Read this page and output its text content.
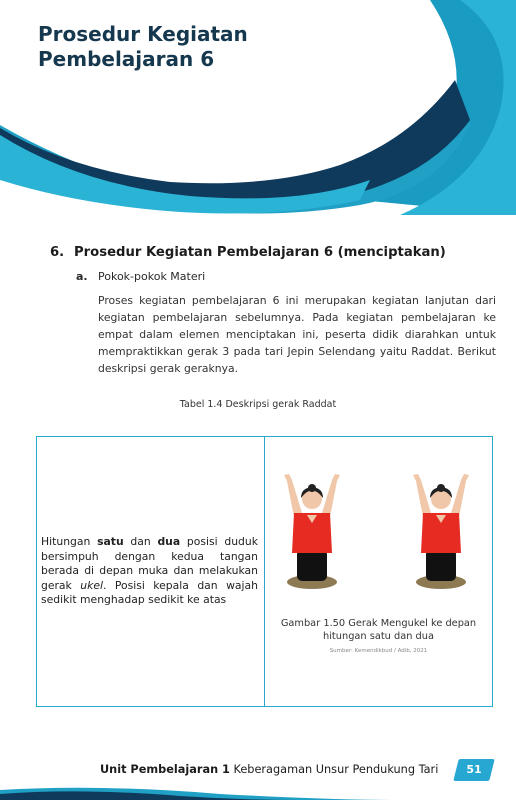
Prosedur Kegiatan
Pembelajaran 6
6. Prosedur Kegiatan Pembelajaran 6 (menciptakan)
a. Pokok-pokok Materi

Proses kegiatan pembelajaran 6 ini merupakan kegiatan lanjutan dari kegiatan pembelajaran sebelumnya. Pada kegiatan pembelajaran ke empat dalam elemen menciptakan ini, peserta didik diarahkan untuk mempraktikkan gerak 3 pada tari Jepin Selendang yaitu Raddat. Berikut deskripsi gerak geraknya.

Tabel 1.4 Deskripsi gerak Raddat

Hitungan satu dan dua posisi duduk bersimpuh dengan kedua tangan berada di depan muka dan melakukan gerak ukel. Posisi kepala dan wajah sedikit menghadap sedikit ke atas

Gambar 1.50 Gerak Mengukel ke depan
hitungan satu dan dua

Sumber: Kemendikbud / Adib, 2021

Unit Pembelajaran 1 Keberagaman Unsur Pendukung Tari	51
